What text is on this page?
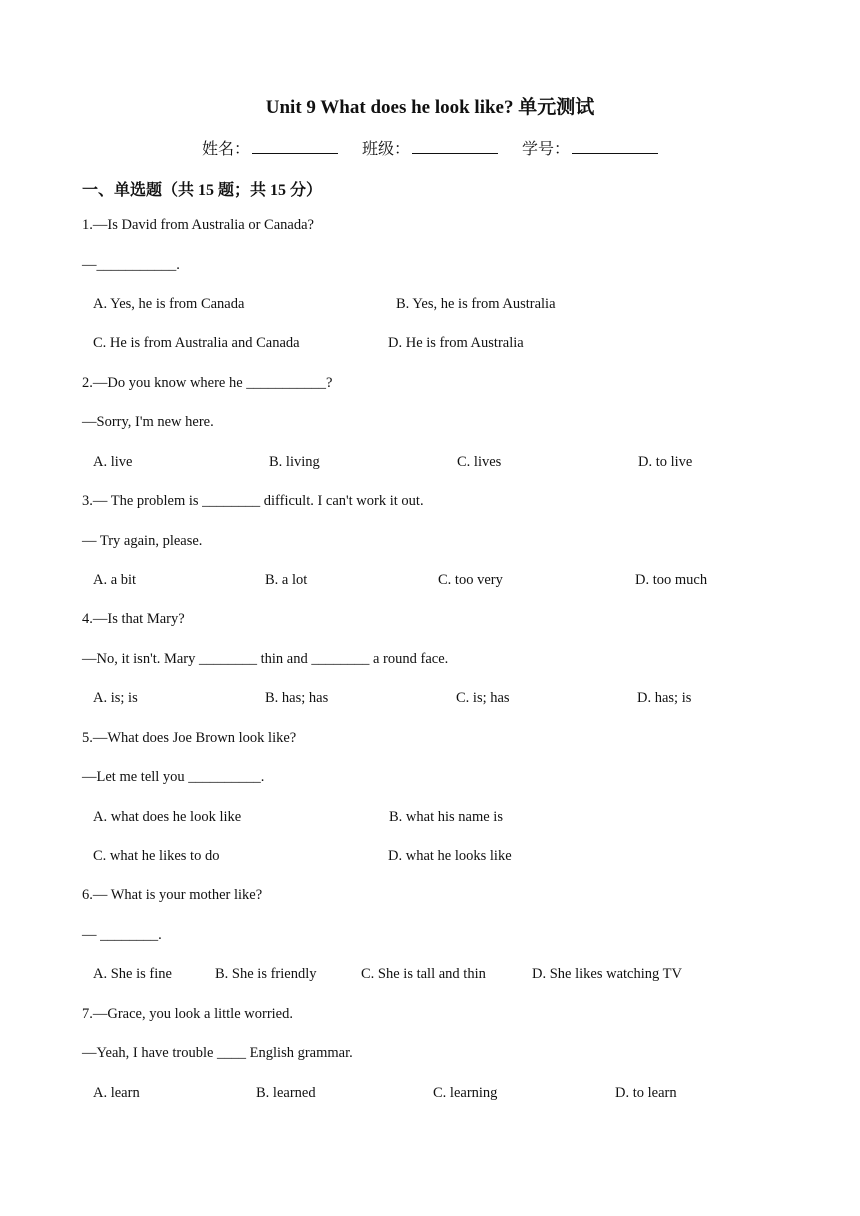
Unit 9 What does he look like? 单元测试
姓名：	班级：	学号：
一、单选题（共 15 题；共 15 分）
1.—Is David from Australia or Canada?
—___________.
A. Yes, he is from Canada	B. Yes, he is from Australia
C. He is from Australia and Canada	D. He is from Australia
2.—Do you know where he ___________?
—Sorry, I'm new here.
A. live	B. living	C. lives	D. to live
3.— The problem is ________ difficult. I can't work it out.
— Try again, please.
A. a bit	B. a lot	C. too very	D. too much
4.—Is that Mary?
—No, it isn't. Mary ________ thin and ________ a round face.
A. is; is	B. has; has	C. is; has	D. has; is
5.—What does Joe Brown look like?
—Let me tell you __________.
A. what does he look like	B. what his name is
C. what he likes to do	D. what he looks like
6.— What is your mother like?
— ________.
A. She is fine	B. She is friendly	C. She is tall and thin	D. She likes watching TV
7.—Grace, you look a little worried.
—Yeah, I have trouble ____ English grammar.
A. learn	B. learned	C. learning	D. to learn
